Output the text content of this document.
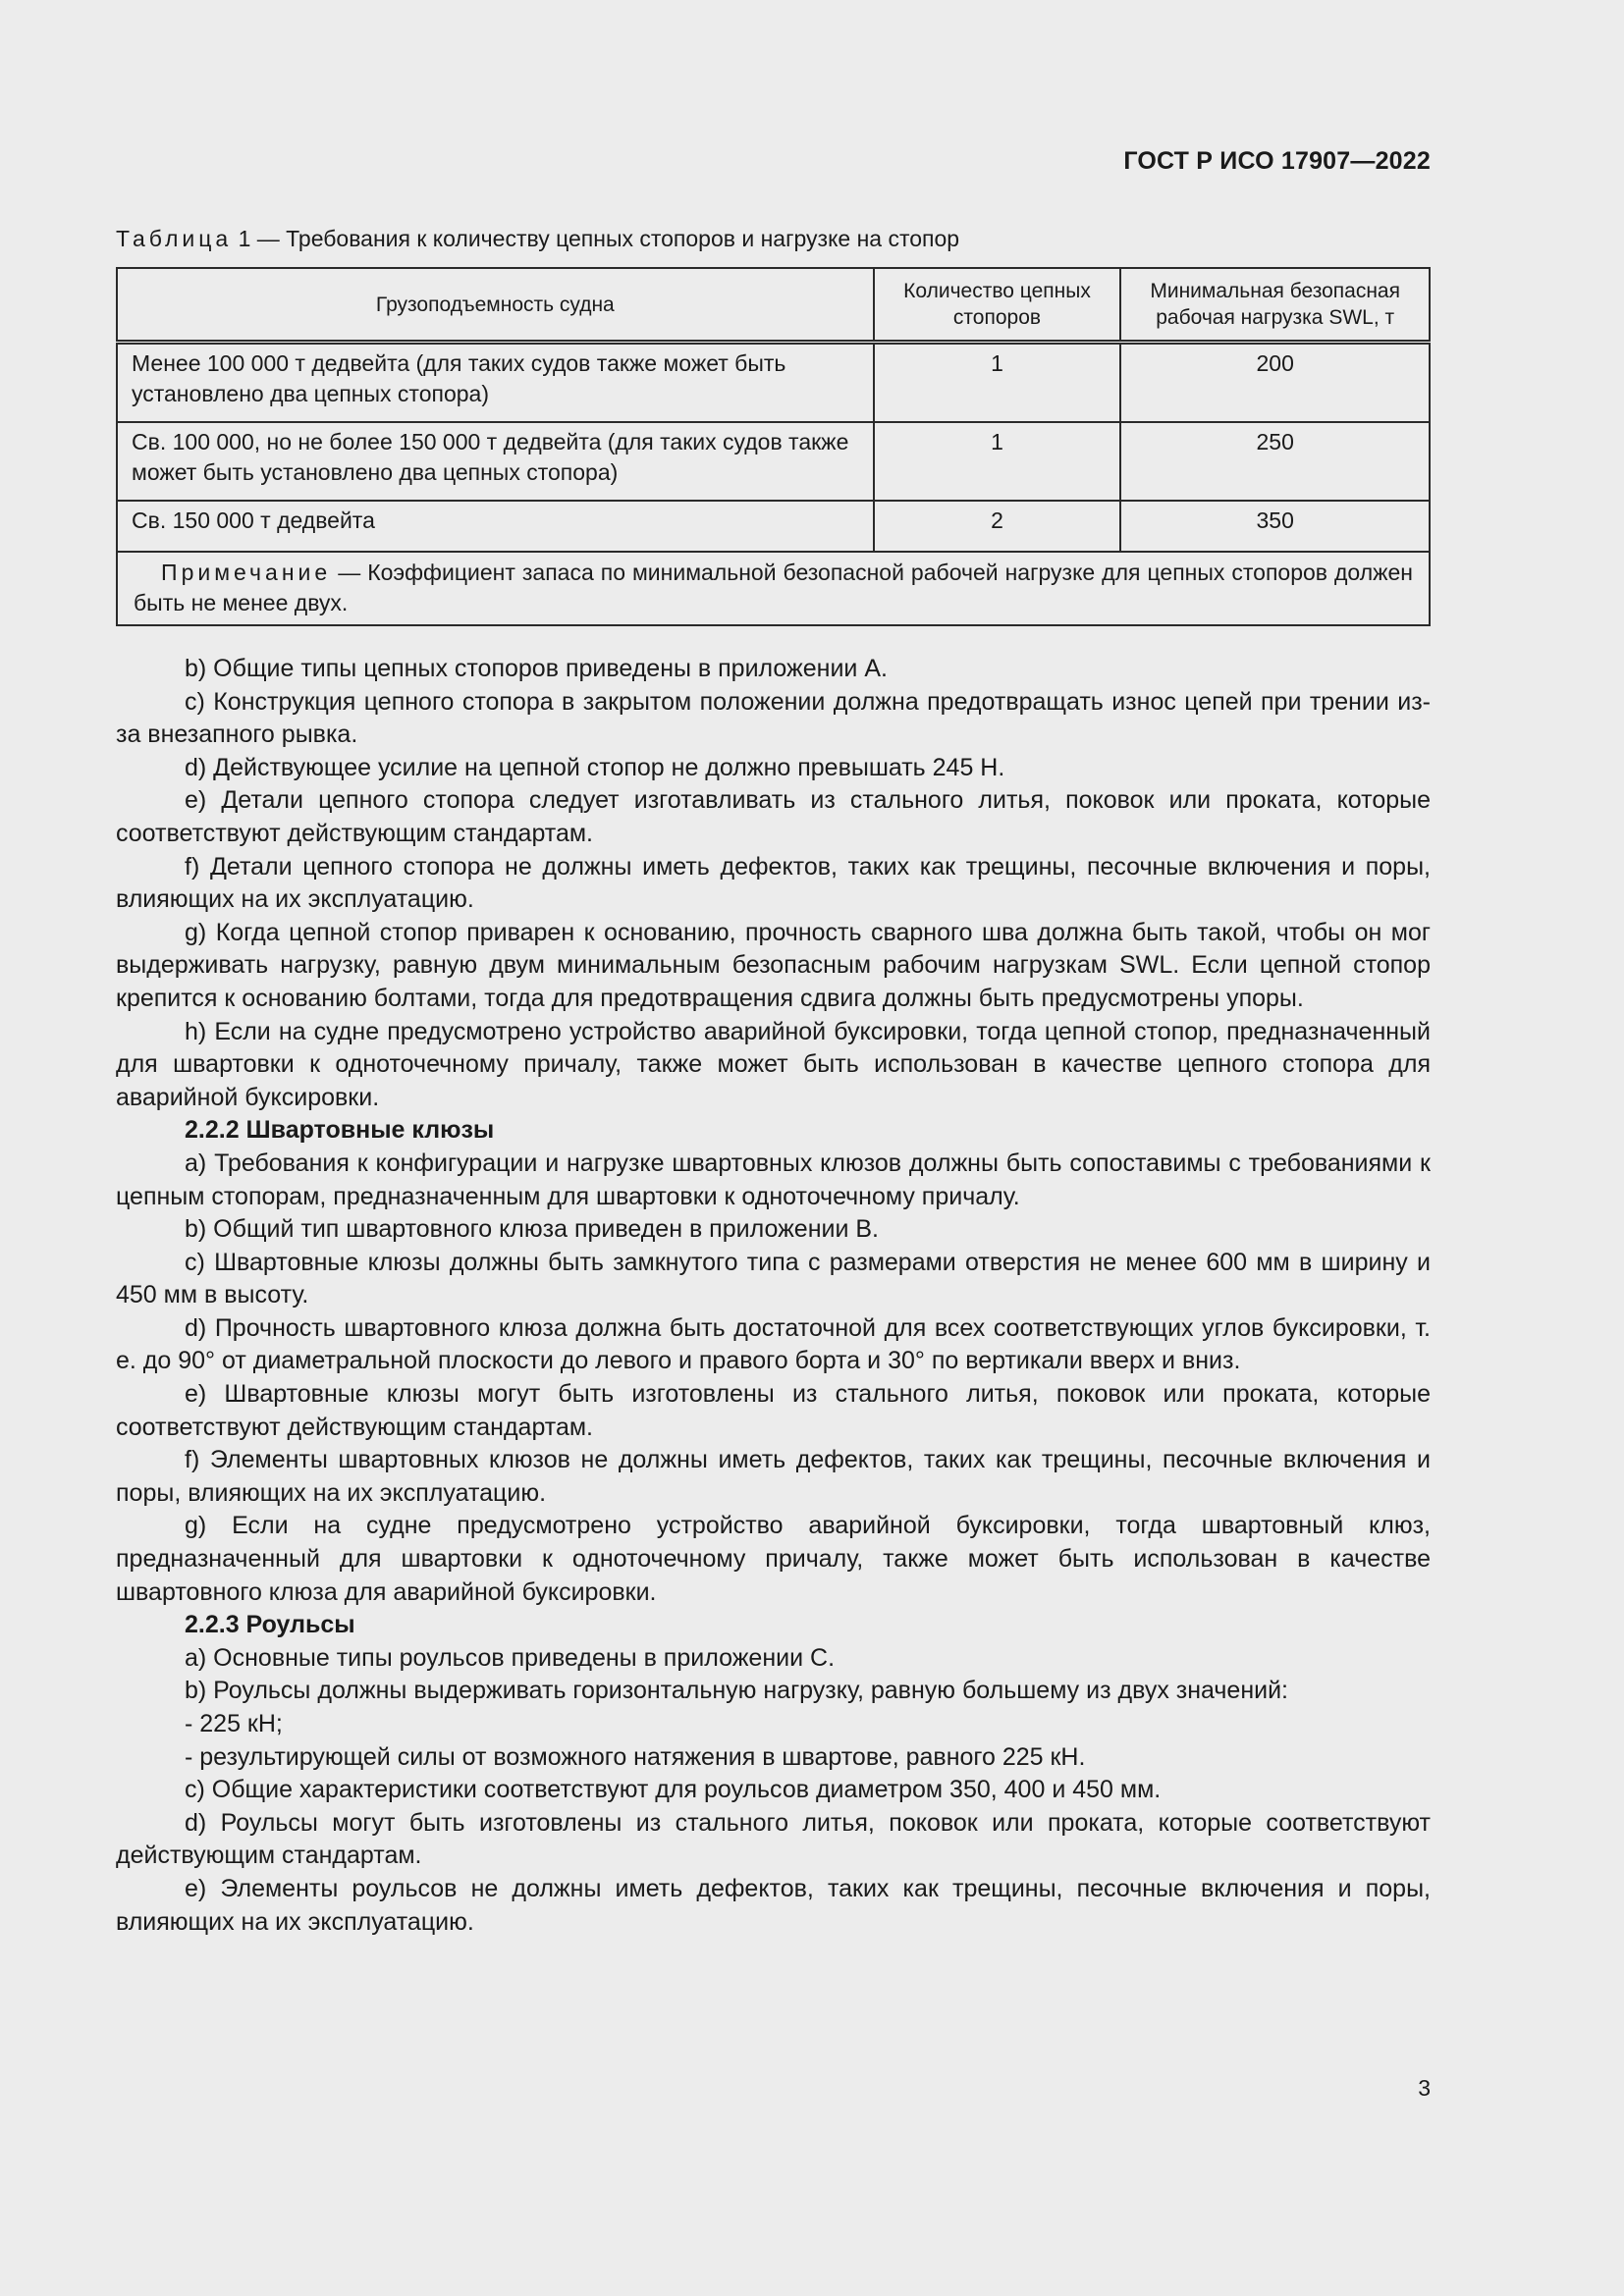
ГОСТ Р ИСО 17907—2022
Таблица 1 — Требования к количеству цепных стопоров и нагрузке на стопор
Грузоподъемность судна	Количество цепных стопоров	Минимальная безопасная рабочая нагрузка SWL, т
Менее 100 000 т дедвейта (для таких судов также может быть установлено два цепных стопора)	1	200
Св. 100 000, но не более 150 000 т дедвейта (для таких судов также может быть установлено два цепных стопора)	1	250
Св. 150 000 т дедвейта	2	350
Примечание — Коэффициент запаса по минимальной безопасной рабочей нагрузке для цепных стопоров должен быть не менее двух.		

b) Общие типы цепных стопоров приведены в приложении А.

c) Конструкция цепного стопора в закрытом положении должна предотвращать износ цепей при трении из-за внезапного рывка.

d) Действующее усилие на цепной стопор не должно превышать 245 Н.

e) Детали цепного стопора следует изготавливать из стального литья, поковок или проката, которые соответствуют действующим стандартам.

f) Детали цепного стопора не должны иметь дефектов, таких как трещины, песочные включения и поры, влияющих на их эксплуатацию.

g) Когда цепной стопор приварен к основанию, прочность сварного шва должна быть такой, чтобы он мог выдерживать нагрузку, равную двум минимальным безопасным рабочим нагрузкам SWL. Если цепной стопор крепится к основанию болтами, тогда для предотвращения сдвига должны быть предусмотрены упоры.

h) Если на судне предусмотрено устройство аварийной буксировки, тогда цепной стопор, предназначенный для швартовки к одноточечному причалу, также может быть использован в качестве цепного стопора для аварийной буксировки.

2.2.2 Швартовные клюзы

a) Требования к конфигурации и нагрузке швартовных клюзов должны быть сопоставимы с требованиями к цепным стопорам, предназначенным для швартовки к одноточечному причалу.

b) Общий тип швартовного клюза приведен в приложении В.

c) Швартовные клюзы должны быть замкнутого типа с размерами отверстия не менее 600 мм в ширину и 450 мм в высоту.

d) Прочность швартовного клюза должна быть достаточной для всех соответствующих углов буксировки, т. е. до 90° от диаметральной плоскости до левого и правого борта и 30° по вертикали вверх и вниз.

e) Швартовные клюзы могут быть изготовлены из стального литья, поковок или проката, которые соответствуют действующим стандартам.

f) Элементы швартовных клюзов не должны иметь дефектов, таких как трещины, песочные включения и поры, влияющих на их эксплуатацию.

g) Если на судне предусмотрено устройство аварийной буксировки, тогда швартовный клюз, предназначенный для швартовки к одноточечному причалу, также может быть использован в качестве швартовного клюза для аварийной буксировки.

2.2.3 Роульсы

a) Основные типы роульсов приведены в приложении С.

b) Роульсы должны выдерживать горизонтальную нагрузку, равную большему из двух значений:

- 225 кН;

- результирующей силы от возможного натяжения в швартове, равного 225 кН.

c) Общие характеристики соответствуют для роульсов диаметром 350, 400 и 450 мм.

d) Роульсы могут быть изготовлены из стального литья, поковок или проката, которые соответствуют действующим стандартам.

e) Элементы роульсов не должны иметь дефектов, таких как трещины, песочные включения и поры, влияющих на их эксплуатацию.

3
